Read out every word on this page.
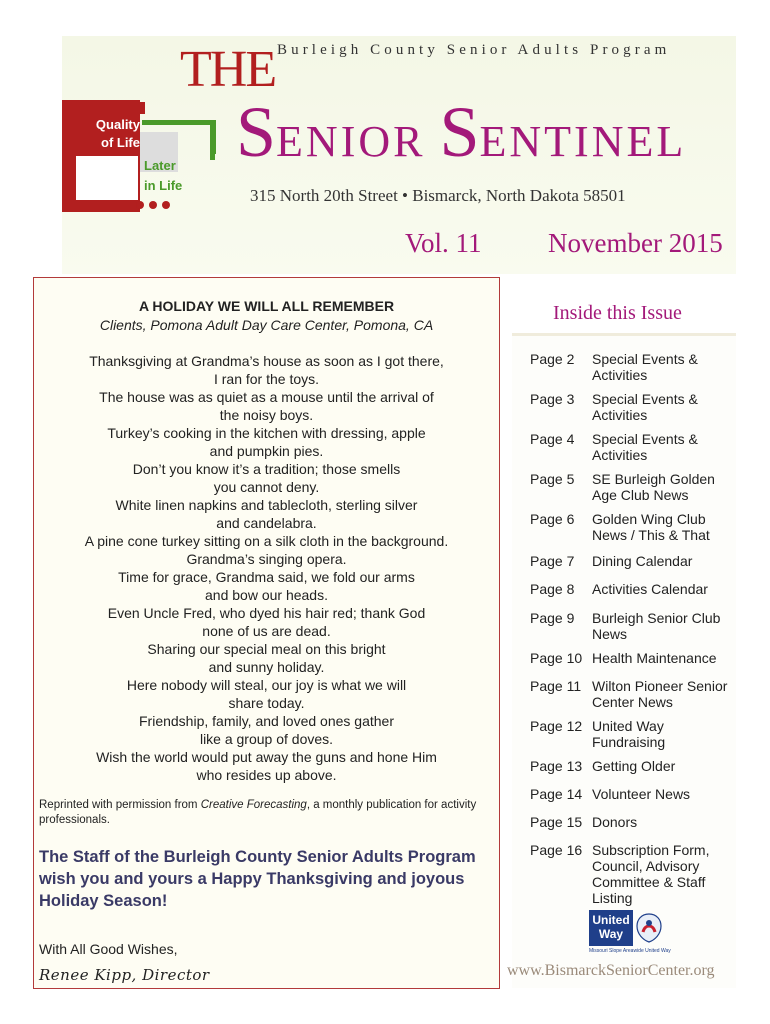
Burleigh County Senior Adults Program
Quality
of Life
Later
in Life
THE
SENIOR SENTINEL
315 North 20th Street • Bismarck, North Dakota 58501
Vol. 11 November 2015
A HOLIDAY WE WILL ALL REMEMBER
Clients, Pomona Adult Day Care Center, Pomona, CA
Thanksgiving at Grandma’s house as soon as I got there,
I ran for the toys.
The house was as quiet as a mouse until the arrival of
the noisy boys.
Turkey’s cooking in the kitchen with dressing, apple
and pumpkin pies.
Don’t you know it’s a tradition; those smells
you cannot deny.
White linen napkins and tablecloth, sterling silver
and candelabra.
A pine cone turkey sitting on a silk cloth in the background.
Grandma’s singing opera.
Time for grace, Grandma said, we fold our arms
and bow our heads.
Even Uncle Fred, who dyed his hair red; thank God
none of us are dead.
Sharing our special meal on this bright
and sunny holiday.
Here nobody will steal, our joy is what we will
share today.
Friendship, family, and loved ones gather
like a group of doves.
Wish the world would put away the guns and hone Him
who resides up above.
Reprinted with permission from Creative Forecasting, a monthly publication for activity professionals.
The Staff of the Burleigh County Senior Adults Program wish you and yours a Happy Thanksgiving and joyous Holiday Season!
With All Good Wishes,
Renee Kipp, Director
Inside this Issue
Page 2	Special Events & Activities
Page 3	Special Events & Activities
Page 4	Special Events & Activities
Page 5	SE Burleigh Golden Age Club News
Page 6	Golden Wing Club News / This & That
Page 7	Dining Calendar
Page 8	Activities Calendar
Page 9	Burleigh Senior Club News
Page 10 Health Maintenance
Page 11 Wilton Pioneer Senior Center News
Page 12 United Way Fundraising
Page 13 Getting Older
Page 14 Volunteer News
Page 15 Donors
Page 16 Subscription Form, Council, Advisory Committee & Staff Listing
United
Way
Missouri Slope Areawide United Way
www.BismarckSeniorCenter.org
